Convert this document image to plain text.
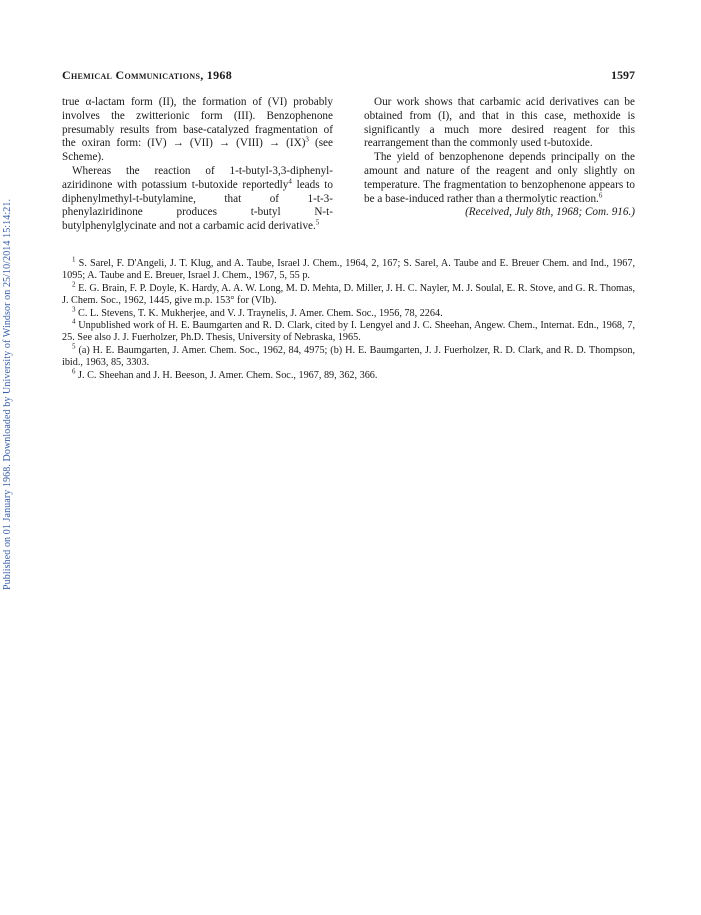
Published on 01 January 1968. Downloaded by University of Windsor on 25/10/2014 15:14:21.
Chemical Communications, 1968	1597

true α-lactam form (II), the formation of (VI) probably involves the zwitterionic form (III). Benzophenone presumably results from base-catalyzed fragmentation of the oxiran form: (IV) → (VII) → (VIII) → (IX)$^3$ (see Scheme).

Whereas the reaction of 1-t-butyl-3,3-diphenyl-aziridinone with potassium t-butoxide reportedly$^4$ leads to diphenylmethyl-t-butylamine, that of 1-t-3-phenylaziridinone produces t-butyl N-t-butylphenylglycinate and not a carbamic acid derivative.$^5$

Our work shows that carbamic acid derivatives can be obtained from (I), and that in this case, methoxide is significantly a much more desired reagent for this rearrangement than the commonly used t-butoxide.

The yield of benzophenone depends principally on the amount and nature of the reagent and only slightly on temperature. The fragmentation to benzophenone appears to be a base-induced rather than a thermolytic reaction.$^6$

(Received, July 8th, 1968; Com. 916.)

$^1$ S. Sarel, F. D'Angeli, J. T. Klug, and A. Taube, Israel J. Chem., 1964, 2, 167; S. Sarel, A. Taube and E. Breuer Chem. and Ind., 1967, 1095; A. Taube and E. Breuer, Israel J. Chem., 1967, 5, 55 p.

$^2$ E. G. Brain, F. P. Doyle, K. Hardy, A. A. W. Long, M. D. Mehta, D. Miller, J. H. C. Nayler, M. J. Soulal, E. R. Stove, and G. R. Thomas, J. Chem. Soc., 1962, 1445, give m.p. 153° for (VIb).

$^3$ C. L. Stevens, T. K. Mukherjee, and V. J. Traynelis, J. Amer. Chem. Soc., 1956, 78, 2264.

$^4$ Unpublished work of H. E. Baumgarten and R. D. Clark, cited by I. Lengyel and J. C. Sheehan, Angew. Chem., Internat. Edn., 1968, 7, 25. See also J. J. Fuerholzer, Ph.D. Thesis, University of Nebraska, 1965.

$^5$ (a) H. E. Baumgarten, J. Amer. Chem. Soc., 1962, 84, 4975; (b) H. E. Baumgarten, J. J. Fuerholzer, R. D. Clark, and R. D. Thompson, ibid., 1963, 85, 3303.

$^6$ J. C. Sheehan and J. H. Beeson, J. Amer. Chem. Soc., 1967, 89, 362, 366.
